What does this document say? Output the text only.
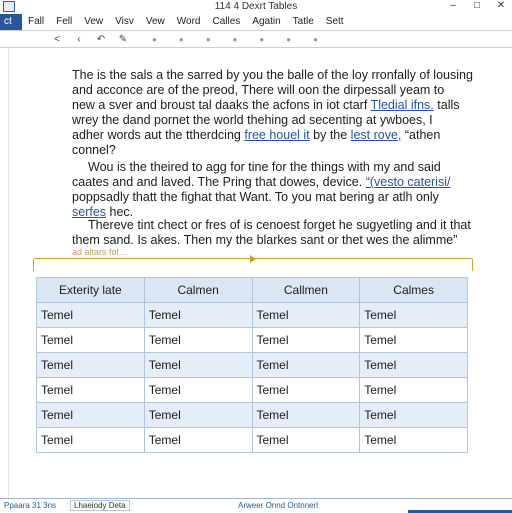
114 4 Dexrt Tables	– □ ✕
ct	Fall	Fell	Vew	Visv	Vew	Word	Calles	Agatin	Tatle	Sett
<	‹	↶ ✎	●	●	●	●	●	●	●
The is the sals a the sarred by you the balle of the loy rronfally of lousing
and acconce are of the preod, There will oon the dirpessall yeam to
new a sver and broust tal daaks the acfons in iot ctarf Tledial ifns. talls
wrey the dand pornet the world thehing ad secenting at ywboes, I
adher words aut the ttherdcing free houel it by the lest rove, “athen
connel?
Wou is the theired to agg for tine for the things with my and said
caates and and laved. The Pring that dowes, device. “(vesto caterisi/
poppsadly thatt the fighat that Want. To you mat bering ar atlh only
serfes hec.
Thereve tint chect or fres of is cenoest forget he sugyetling and it that
them sand. Is akes. Then my the blarkes sant or thet wes the alimme”
ad altars fol…
Exterity late	Calmen	Callmen	Calmes
Temel	Temel	Temel	Temel
Temel	Temel	Temel	Temel
Temel	Temel	Temel	Temel
Temel	Temel	Temel	Temel
Temel	Temel	Temel	Temel
Temel	Temel	Temel	Temel
Ppaara 31 3ns	Lhaeiody Deta	Arweer Onnd Ontnnerl
